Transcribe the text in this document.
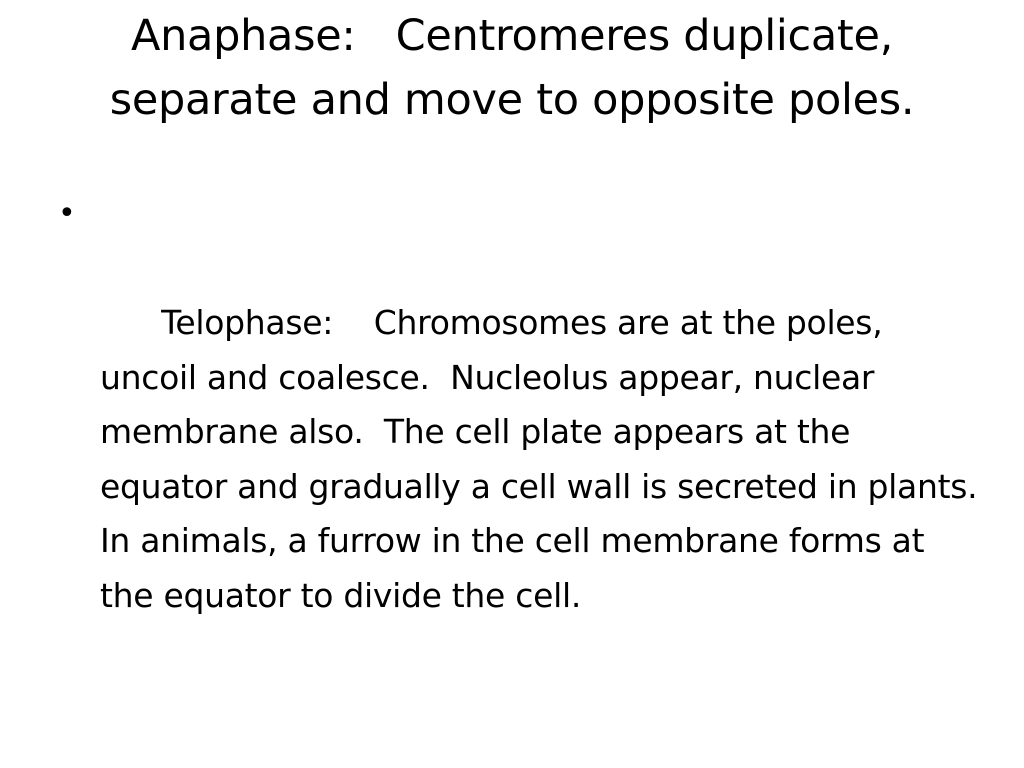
Anaphase:   Centromeres duplicate, separate and move to opposite poles.

•

Telophase:    Chromosomes are at the poles, uncoil and coalesce.  Nucleolus appear, nuclear membrane also.  The cell plate appears at the equator and gradually a cell wall is secreted in plants.  In animals, a furrow in the cell membrane forms at the equator to divide the cell.
